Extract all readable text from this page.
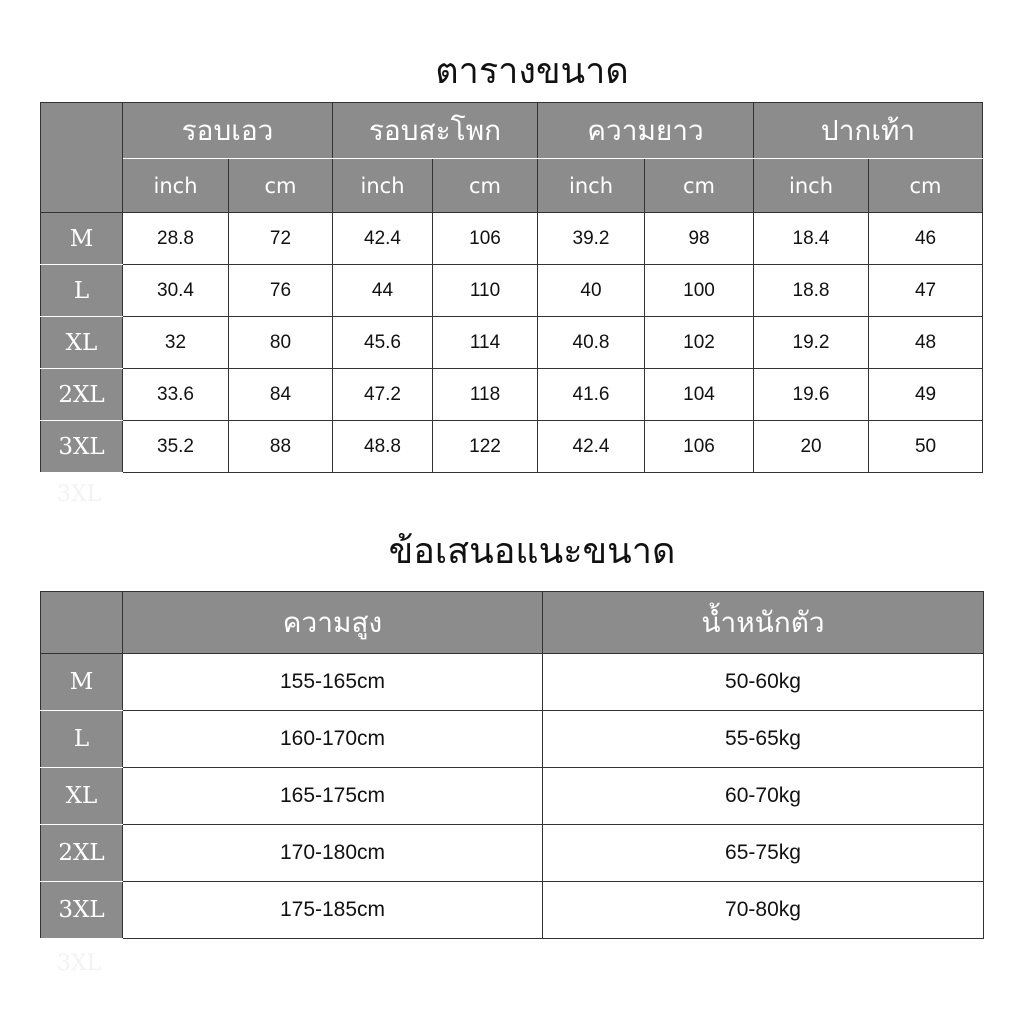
ตารางขนาด
	รอบเอว		รอบสะโพก		ความยาว		ปากเท้า	
	inch	cm	inch	cm	inch	cm	inch	cm
M	28.8	72	42.4	106	39.2	98	18.4	46
L	30.4	76	44	110	40	100	18.8	47
XL	32	80	45.6	114	40.8	102	19.2	48
2XL	33.6	84	47.2	118	41.6	104	19.6	49
3XL	35.2	88	48.8	122	42.4	106	20	50
3XL
ข้อเสนอแนะขนาด
	ความสูง	น้ำหนักตัว
M	155-165cm	50-60kg
L	160-170cm	55-65kg
XL	165-175cm	60-70kg
2XL	170-180cm	65-75kg
3XL	175-185cm	70-80kg
3XL
